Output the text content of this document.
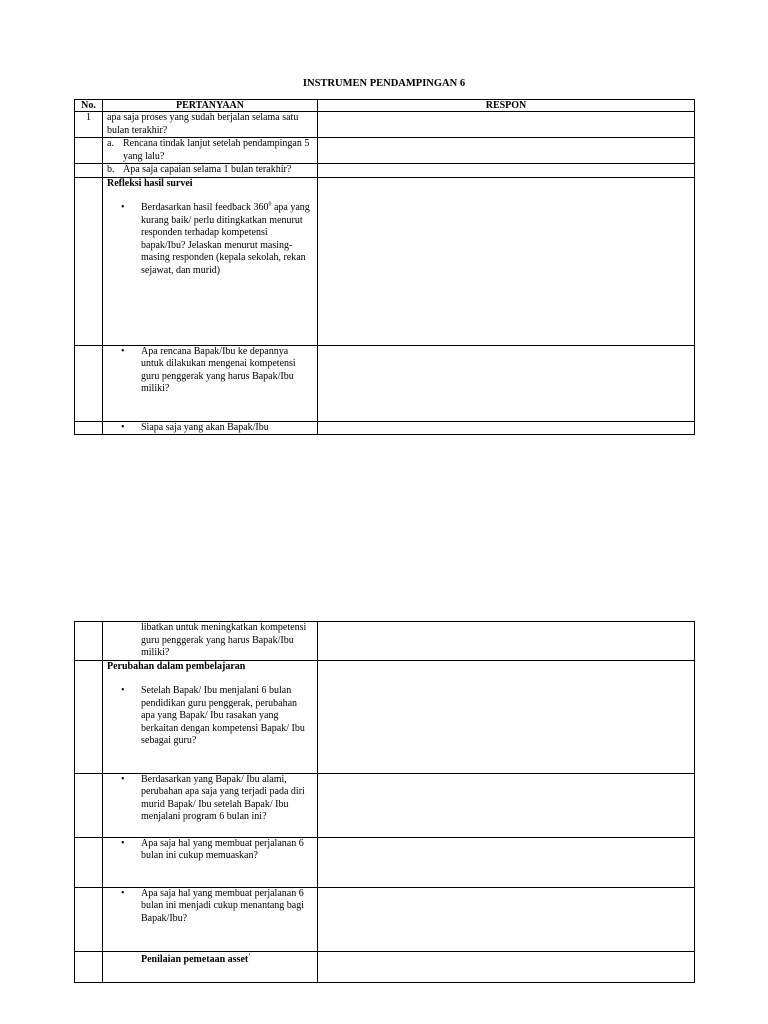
INSTRUMEN PENDAMPINGAN 6
No.	PERTANYAAN	RESPON
1	apa saja proses yang sudah berjalan selama satu bulan terakhir?	

	a. Rencana tindak lanjut setelah pendampingan 5 yang lalu?	

	b. Apa saja capaian selama 1 bulan terakhir?	

	Refleksi hasil survei
• Berdasarkan hasil feedback $360^0$ apa yang kurang baik/ perlu ditingkatkan menurut responden terhadap kompetensi bapak/Ibu? Jelaskan menurut masing-masing responden (kepala sekolah, rekan sejawat, dan murid)	

	• Apa rencana Bapak/Ibu ke depannya untuk dilakukan mengenai kompetensi guru penggerak yang harus Bapak/Ibu miliki?	

	• Siapa saja yang akan Bapak/Ibu	

	libatkan untuk meningkatkan kompetensi guru penggerak yang harus Bapak/Ibu miliki?	

	Perubahan dalam pembelajaran
• Setelah Bapak/ Ibu menjalani 6 bulan pendidikan guru penggerak, perubahan apa yang Bapak/ Ibu rasakan yang berkaitan dengan kompetensi Bapak/ Ibu sebagai guru?	

	• Berdasarkan yang Bapak/ Ibu alami, perubahan apa saja yang terjadi pada diri murid Bapak/ Ibu setelah Bapak/ Ibu menjalani program 6 bulan ini?	

	• Apa saja hal yang membuat perjalanan 6 bulan ini cukup memuaskan?	

	• Apa saja hal yang membuat perjalanan 6 bulan ini menjadi cukup menantang bagi Bapak/Ibu?	

	Penilaian pemetaan asset’
